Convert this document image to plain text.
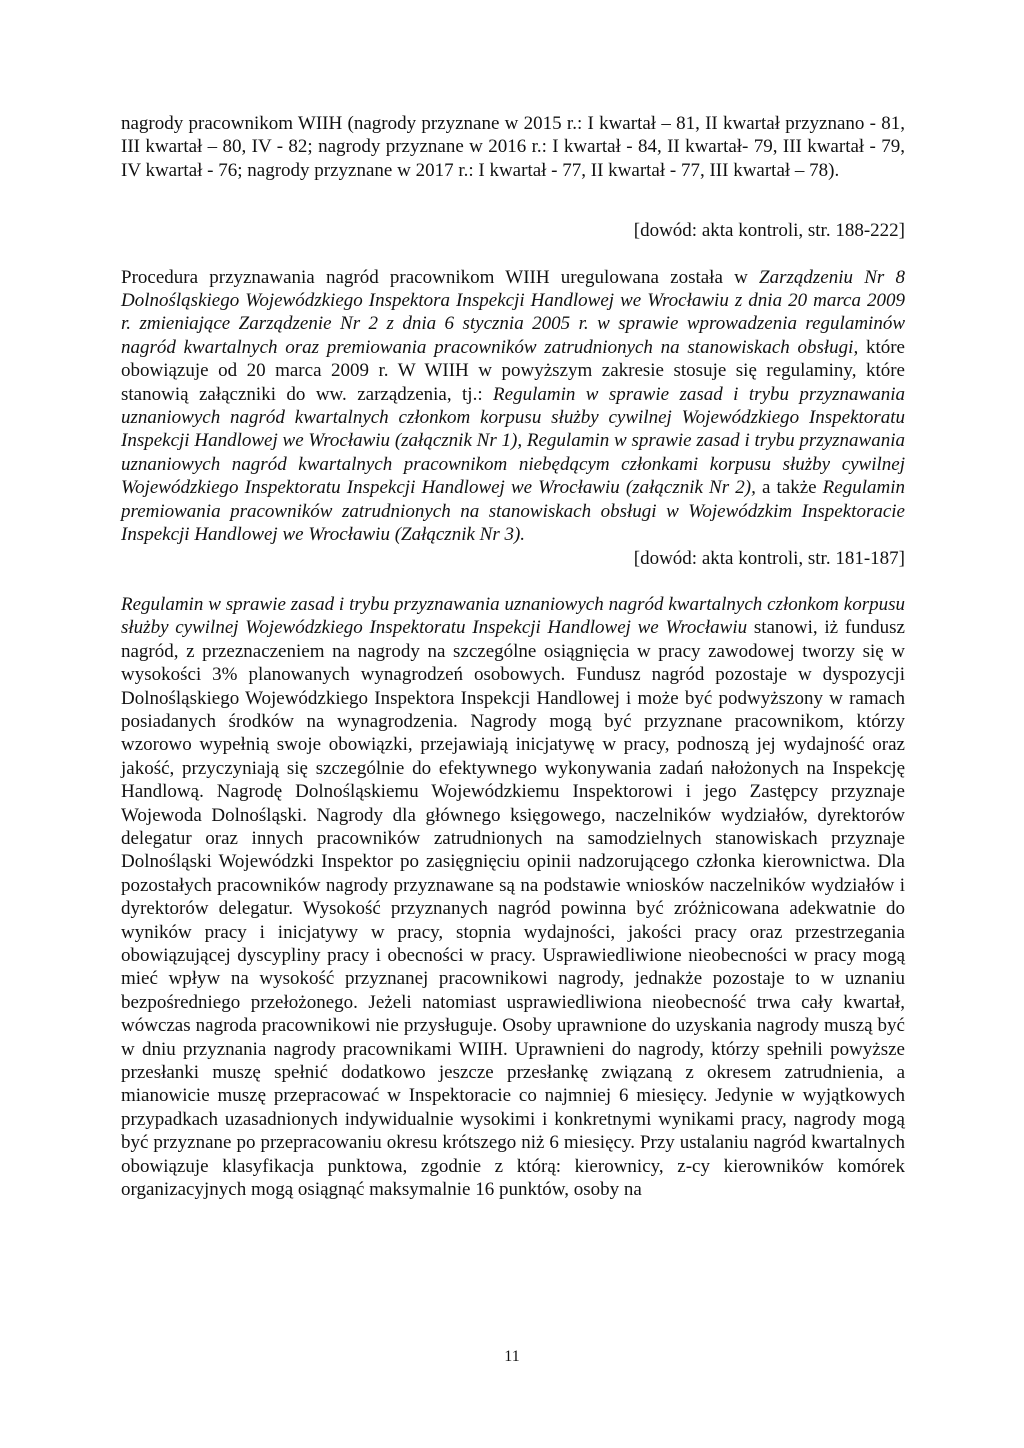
nagrody pracownikom WIIH (nagrody przyznane w 2015 r.: I kwartał – 81, II kwartał przyznano - 81, III kwartał – 80, IV - 82; nagrody przyznane w 2016 r.: I kwartał - 84, II kwartał- 79, III kwartał - 79, IV kwartał - 76; nagrody przyznane w 2017 r.: I kwartał - 77, II kwartał - 77, III kwartał – 78).

[dowód: akta kontroli, str. 188-222]

Procedura przyznawania nagród pracownikom WIIH uregulowana została w Zarządzeniu Nr 8 Dolnośląskiego Wojewódzkiego Inspektora Inspekcji Handlowej we Wrocławiu z dnia 20 marca 2009 r. zmieniające Zarządzenie Nr 2 z dnia 6 stycznia 2005 r. w sprawie wprowadzenia regulaminów nagród kwartalnych oraz premiowania pracowników zatrudnionych na stanowiskach obsługi, które obowiązuje od 20 marca 2009 r. W WIIH w powyższym zakresie stosuje się regulaminy, które stanowią załączniki do ww. zarządzenia, tj.: Regulamin w sprawie zasad i trybu przyznawania uznaniowych nagród kwartalnych członkom korpusu służby cywilnej Wojewódzkiego Inspektoratu Inspekcji Handlowej we Wrocławiu (załącznik Nr 1), Regulamin w sprawie zasad i trybu przyznawania uznaniowych nagród kwartalnych pracownikom niebędącym członkami korpusu służby cywilnej Wojewódzkiego Inspektoratu Inspekcji Handlowej we Wrocławiu (załącznik Nr 2), a także Regulamin premiowania pracowników zatrudnionych na stanowiskach obsługi w Wojewódzkim Inspektoracie Inspekcji Handlowej we Wrocławiu (Załącznik Nr 3).

[dowód: akta kontroli, str. 181-187]

Regulamin w sprawie zasad i trybu przyznawania uznaniowych nagród kwartalnych członkom korpusu służby cywilnej Wojewódzkiego Inspektoratu Inspekcji Handlowej we Wrocławiu stanowi, iż fundusz nagród, z przeznaczeniem na nagrody na szczególne osiągnięcia w pracy zawodowej tworzy się w wysokości 3% planowanych wynagrodzeń osobowych. Fundusz nagród pozostaje w dyspozycji Dolnośląskiego Wojewódzkiego Inspektora Inspekcji Handlowej i może być podwyższony w ramach posiadanych środków na wynagrodzenia. Nagrody mogą być przyznane pracownikom, którzy wzorowo wypełnią swoje obowiązki, przejawiają inicjatywę w pracy, podnoszą jej wydajność oraz jakość, przyczyniają się szczególnie do efektywnego wykonywania zadań nałożonych na Inspekcję Handlową. Nagrodę Dolnośląskiemu Wojewódzkiemu Inspektorowi i jego Zastępcy przyznaje Wojewoda Dolnośląski. Nagrody dla głównego księgowego, naczelników wydziałów, dyrektorów delegatur oraz innych pracowników zatrudnionych na samodzielnych stanowiskach przyznaje Dolnośląski Wojewódzki Inspektor po zasięgnięciu opinii nadzorującego członka kierownictwa. Dla pozostałych pracowników nagrody przyznawane są na podstawie wniosków naczelników wydziałów i dyrektorów delegatur. Wysokość przyznanych nagród powinna być zróżnicowana adekwatnie do wyników pracy i inicjatywy w pracy, stopnia wydajności, jakości pracy oraz przestrzegania obowiązującej dyscypliny pracy i obecności w pracy. Usprawiedliwione nieobecności w pracy mogą mieć wpływ na wysokość przyznanej pracownikowi nagrody, jednakże pozostaje to w uznaniu bezpośredniego przełożonego. Jeżeli natomiast usprawiedliwiona nieobecność trwa cały kwartał, wówczas nagroda pracownikowi nie przysługuje. Osoby uprawnione do uzyskania nagrody muszą być w dniu przyznania nagrody pracownikami WIIH. Uprawnieni do nagrody, którzy spełnili powyższe przesłanki muszę spełnić dodatkowo jeszcze przesłankę związaną z okresem zatrudnienia, a mianowicie muszę przepracować w Inspektoracie co najmniej 6 miesięcy. Jedynie w wyjątkowych przypadkach uzasadnionych indywidualnie wysokimi i konkretnymi wynikami pracy, nagrody mogą być przyznane po przepracowaniu okresu krótszego niż 6 miesięcy. Przy ustalaniu nagród kwartalnych obowiązuje klasyfikacja punktowa, zgodnie z którą: kierownicy, z-cy kierowników komórek organizacyjnych mogą osiągnąć maksymalnie 16 punktów, osoby na

11
